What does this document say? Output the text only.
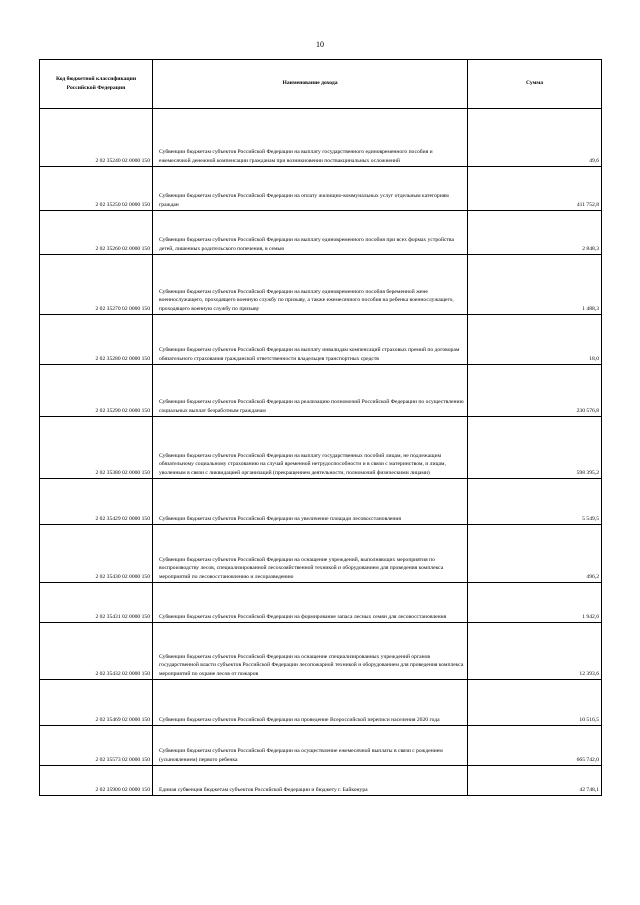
10
Код бюджетной классификации Российской Федерации	Наименование дохода	Сумма
2 02 35240 02 0000 150	Субвенции бюджетам субъектов Российской Федерации на выплату государственного единовременного пособия и ежемесячной денежной компенсации гражданам при возникновении поствакцинальных осложнений	49,6
2 02 35250 02 0000 150	Субвенции бюджетам субъектов Российской Федерации на оплату жилищно-коммунальных услуг отдельным категориям граждан	411 752,8
2 02 35260 02 0000 150	Субвенции бюджетам субъектов Российской Федерации на выплату единовременного пособия при всех формах устройства детей, лишенных родительского попечения, в семью	2 848,3
2 02 35270 02 0000 150	Субвенции бюджетам субъектов Российской Федерации на выплату единовременного пособия беременной жене военнослужащего, проходящего военную службу по призыву, а также ежемесячного пособия на ребенка военнослужащего, проходящего военную службу по призыву	1 488,3
2 02 35280 02 0000 150	Субвенции бюджетам субъектов Российской Федерации на выплату инвалидам компенсаций страховых премий по договорам обязательного страхования гражданской ответственности владельцев транспортных средств	18,0
2 02 35290 02 0000 150	Субвенции бюджетам субъектов Российской Федерации на реализацию полномочий Российской Федерации по осуществлению социальных выплат безработным гражданам	230 576,8
2 02 35380 02 0000 150	Субвенции бюджетам субъектов Российской Федерации на выплату государственных пособий лицам, не подлежащим обязательному социальному страхованию на случай временной нетрудоспособности и в связи с материнством, и лицам, уволенным в связи с ликвидацией организаций (прекращением деятельности, полномочий физическими лицами)	598 395,2
2 02 35429 02 0000 150	Субвенции бюджетам субъектов Российской Федерации на увеличение площади лесовосстановления	5 549,5
2 02 35430 02 0000 150	Субвенции бюджетам субъектов Российской Федерации на оснащение учреждений, выполняющих мероприятия по воспроизводству лесов, специализированной лесохозяйственной техникой и оборудованием для проведения комплекса мероприятий по лесовосстановлению и лесоразведению	496,2
2 02 35431 02 0000 150	Субвенции бюджетам субъектов Российской Федерации на формирование запаса лесных семян для лесовосстановления	1 942,6
2 02 35432 02 0000 150	Субвенции бюджетам субъектов Российской Федерации на оснащение специализированных учреждений органов государственной власти субъектов Российской Федерации лесопожарной техникой и оборудованием для проведения комплекса мероприятий по охране лесов от пожаров	12 393,6
2 02 35469 02 0000 150	Субвенции бюджетам субъектов Российской Федерации на проведение Всероссийской переписи населения 2020 года	10 516,5
2 02 35573 02 0000 150	Субвенции бюджетам субъектов Российской Федерации на осуществление ежемесячной выплаты в связи с рождением (усыновлением) первого ребенка	665 742,0
2 02 35900 02 0000 150	Единая субвенция бюджетам субъектов Российской Федерации и бюджету г. Байконура	42 748,1
